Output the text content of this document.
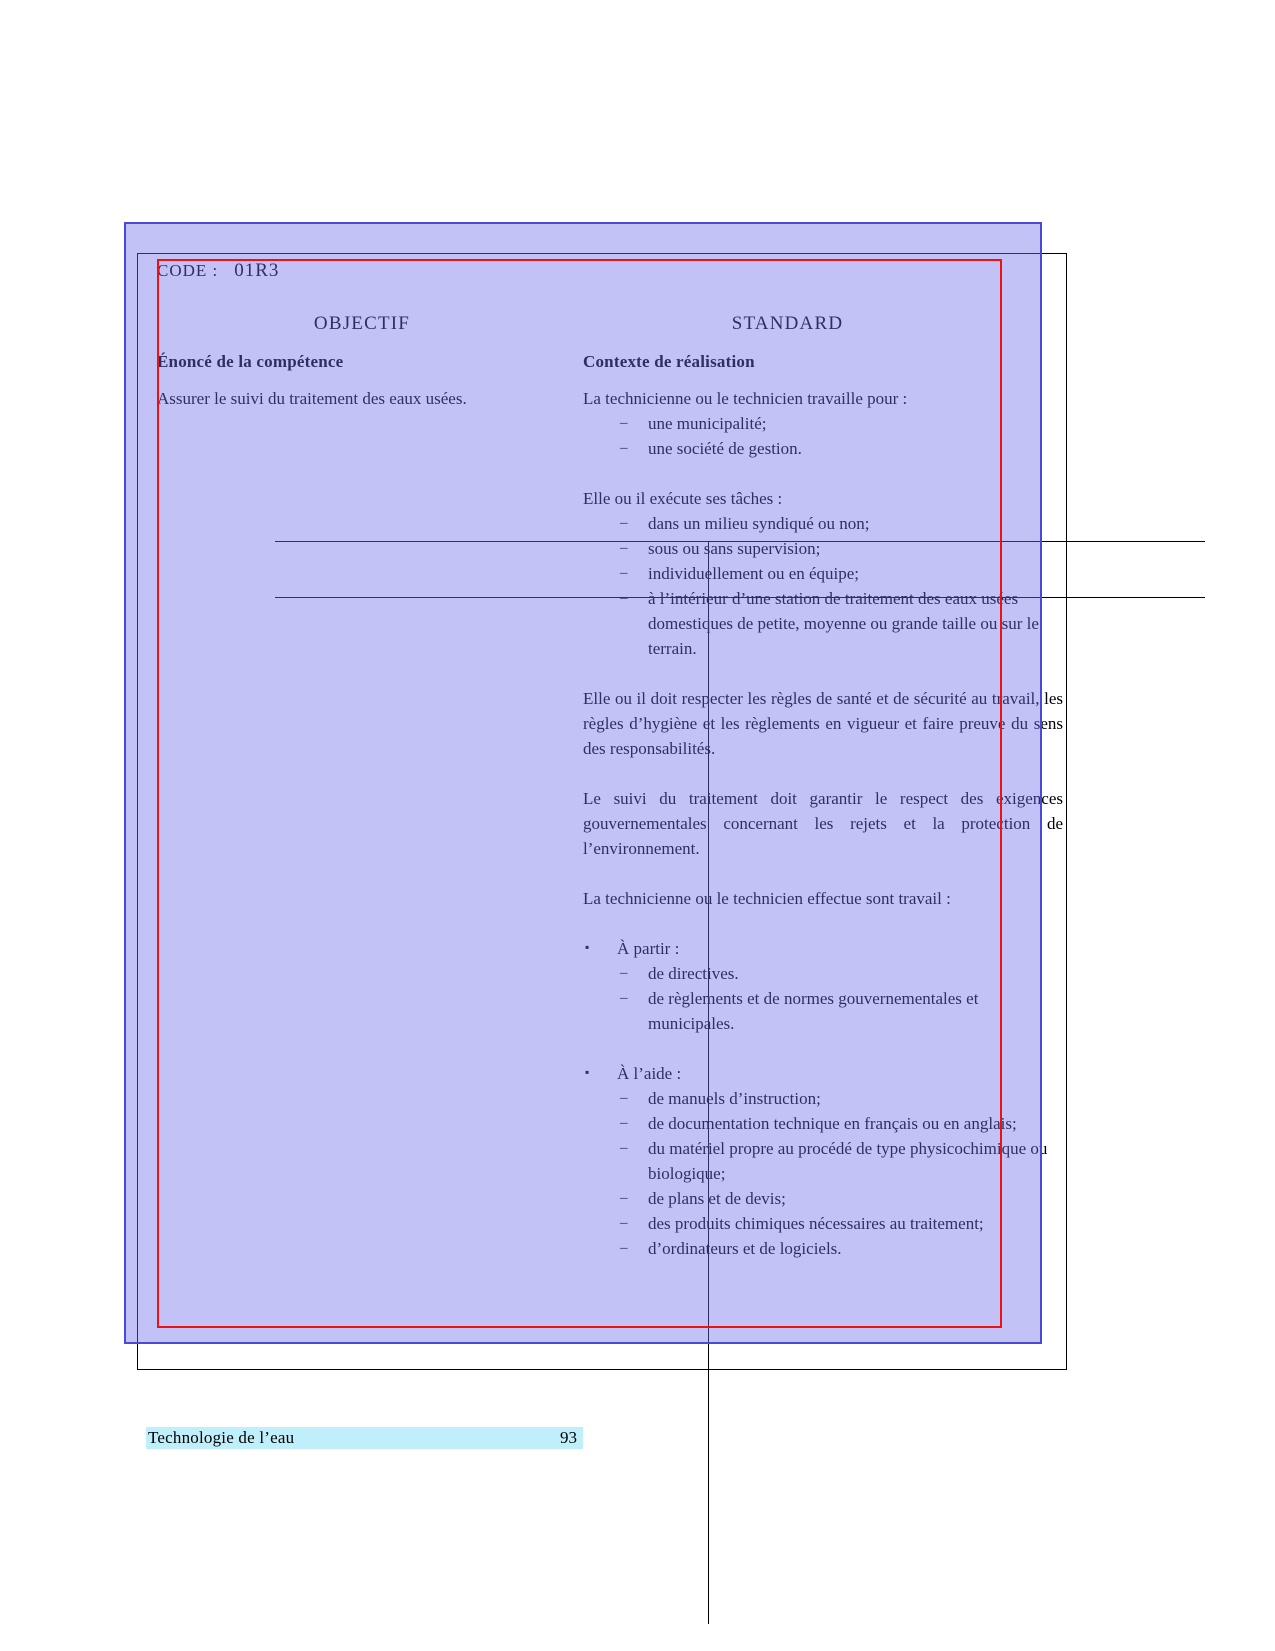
CODE : 01R3
OBJECTIF	STANDARD

Énoncé de la compétence

Assurer le suivi du traitement des eaux usées.

Contexte de réalisation

La technicienne ou le technicien travaille pour :

– une municipalité;
– une société de gestion.

Elle ou il exécute ses tâches :

– dans un milieu syndiqué ou non;
– sous ou sans supervision;
– individuellement ou en équipe;
– à l’intérieur d’une station de traitement des eaux usées domestiques de petite, moyenne ou grande taille ou sur le terrain.

Elle ou il doit respecter les règles de santé et de sécurité au travail, les règles d’hygiène et les règlements en vigueur et faire preuve du sens des responsabilités.

Le suivi du traitement doit garantir le respect des exigences gouvernementales concernant les rejets et la protection de l’environnement.

La technicienne ou le technicien effectue sont travail :

▪ À partir :
– de directives.
– de règlements et de normes gouvernementales et municipales.
▪ À l’aide :
– de manuels d’instruction;
– de documentation technique en français ou en anglais;
– du matériel propre au procédé de type physicochimique ou biologique;
– de plans et de devis;
– des produits chimiques nécessaires au traitement;
– d’ordinateurs et de logiciels.
Technologie de l’eau	93
